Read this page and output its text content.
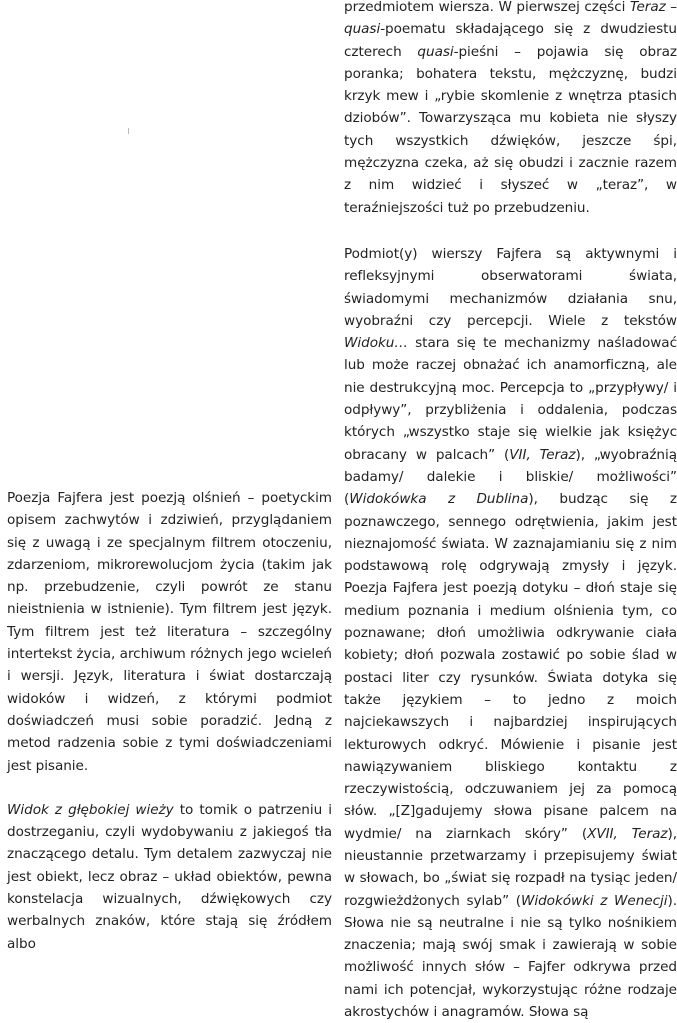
Poezja Fajfera jest poezją olśnień – poetyckim opisem zachwytów i zdziwień, przyglądaniem się z uwagą i ze specjalnym filtrem otoczeniu, zdarzeniom, mikrorewolucjom życia (takim jak np. przebudzenie, czyli powrót ze stanu nieistnienia w istnienie). Tym filtrem jest język. Tym filtrem jest też literatura – szczególny intertekst życia, archiwum różnych jego wcieleń i wersji. Język, literatura i świat dostarczają widoków i widzeń, z którymi podmiot doświadczeń musi sobie poradzić. Jedną z metod radzenia sobie z tymi doświadczeniami jest pisanie.

Widok z głębokiej wieży to tomik o patrzeniu i dostrzeganiu, czyli wydobywaniu z jakiegoś tła znaczącego detalu. Tym detalem zazwyczaj nie jest obiekt, lecz obraz – układ obiektów, pewna konstelacja wizualnych, dźwiękowych czy werbalnych znaków, które stają się źródłem albo

przedmiotem wiersza. W pierwszej części Teraz – quasi-poematu składającego się z dwudziestu czterech quasi-pieśni – pojawia się obraz poranka; bohatera tekstu, mężczyznę, budzi krzyk mew i „rybie skomlenie z wnętrza ptasich dziobów”. Towarzysząca mu kobieta nie słyszy tych wszystkich dźwięków, jeszcze śpi, mężczyzna czeka, aż się obudzi i zacznie razem z nim widzieć i słyszeć w „teraz”, w teraźniejszości tuż po przebudzeniu.

Podmiot(y) wierszy Fajfera są aktywnymi i refleksyjnymi obserwatorami świata, świadomymi mechanizmów działania snu, wyobraźni czy percepcji. Wiele z tekstów Widoku… stara się te mechanizmy naśladować lub może raczej obnażać ich anamorficzną, ale nie destrukcyjną moc. Percepcja to „przypływy/ i odpływy”, przybliżenia i oddalenia, podczas których „wszystko staje się wielkie jak księżyc obracany w palcach” (VII, Teraz), „wyobraźnią badamy/ dalekie i bliskie/ możliwości” (Widokówka z Dublina), budząc się z poznawczego, sennego odrętwienia, jakim jest nieznajomość świata. W zaznajamianiu się z nim podstawową rolę odgrywają zmysły i język. Poezja Fajfera jest poezją dotyku – dłoń staje się medium poznania i medium olśnienia tym, co poznawane; dłoń umożliwia odkrywanie ciała kobiety; dłoń pozwala zostawić po sobie ślad w postaci liter czy rysunków. Świata dotyka się także językiem – to jedno z moich najciekawszych i najbardziej inspirujących lekturowych odkryć. Mówienie i pisanie jest nawiązywaniem bliskiego kontaktu z rzeczywistością, odczuwaniem jej za pomocą słów. „[Z]gadujemy słowa pisane palcem na wydmie/ na ziarnkach skóry” (XVII, Teraz), nieustannie przetwarzamy i przepisujemy świat w słowach, bo „świat się rozpadł na tysiąc jeden/ rozgwieżdżonych sylab” (Widokówki z Wenecji). Słowa nie są neutralne i nie są tylko nośnikiem znaczenia; mają swój smak i zawierają w sobie możliwość innych słów – Fajfer odkrywa przed nami ich potencjał, wykorzystując różne rodzaje akrostychów i anagramów. Słowa są
